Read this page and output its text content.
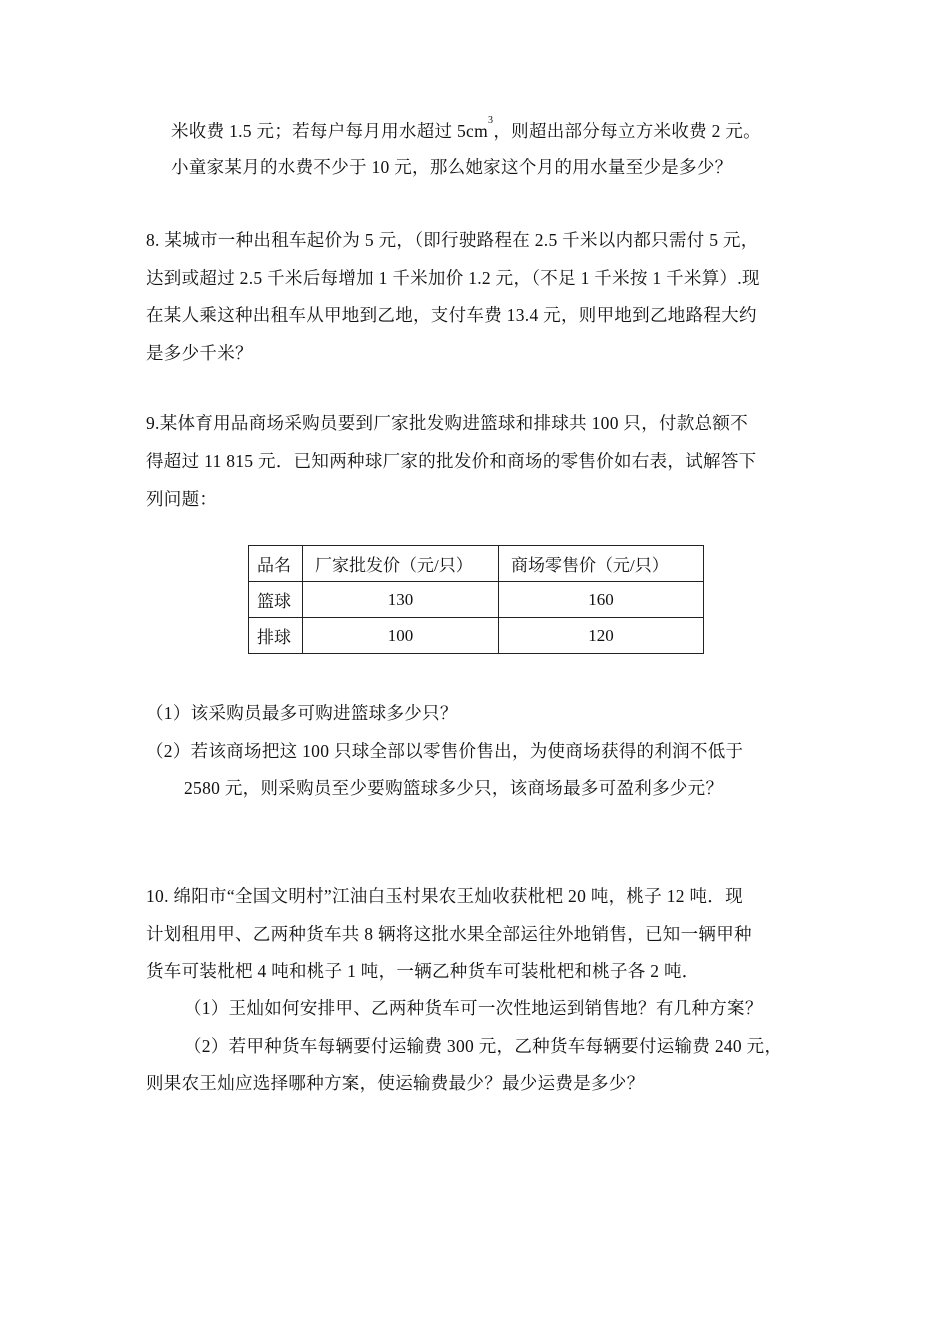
米收费 1.5 元；若每户每月用水超过 $5cm^3$，则超出部分每立方米收费 2 元。
小童家某月的水费不少于 10 元，那么她家这个月的用水量至少是多少？
8. 某城市一种出租车起价为 5 元，（即行驶路程在 2.5 千米以内都只需付 5 元，
达到或超过 2.5 千米后每增加 1 千米加价 1.2 元，（不足 1 千米按 1 千米算）.现
在某人乘这种出租车从甲地到乙地，支付车费 13.4 元，则甲地到乙地路程大约
是多少千米？
9.某体育用品商场采购员要到厂家批发购进篮球和排球共 100 只，付款总额不
得超过 11 815 元．已知两种球厂家的批发价和商场的零售价如右表，试解答下
列问题：
品名	厂家批发价（元/只）	商场零售价（元/只）
篮球	130	160
排球	100	120
（1）该采购员最多可购进篮球多少只？
（2）若该商场把这 100 只球全部以零售价售出，为使商场获得的利润不低于
2580 元，则采购员至少要购篮球多少只，该商场最多可盈利多少元？
10. 绵阳市“全国文明村”江油白玉村果农王灿收获枇杷 20 吨，桃子 12 吨．现
计划租用甲、乙两种货车共 8 辆将这批水果全部运往外地销售，已知一辆甲种
货车可装枇杷 4 吨和桃子 1 吨，一辆乙种货车可装枇杷和桃子各 2 吨．
（1）王灿如何安排甲、乙两种货车可一次性地运到销售地？有几种方案？
（2）若甲种货车每辆要付运输费 300 元，乙种货车每辆要付运输费 240 元，
则果农王灿应选择哪种方案，使运输费最少？最少运费是多少？
